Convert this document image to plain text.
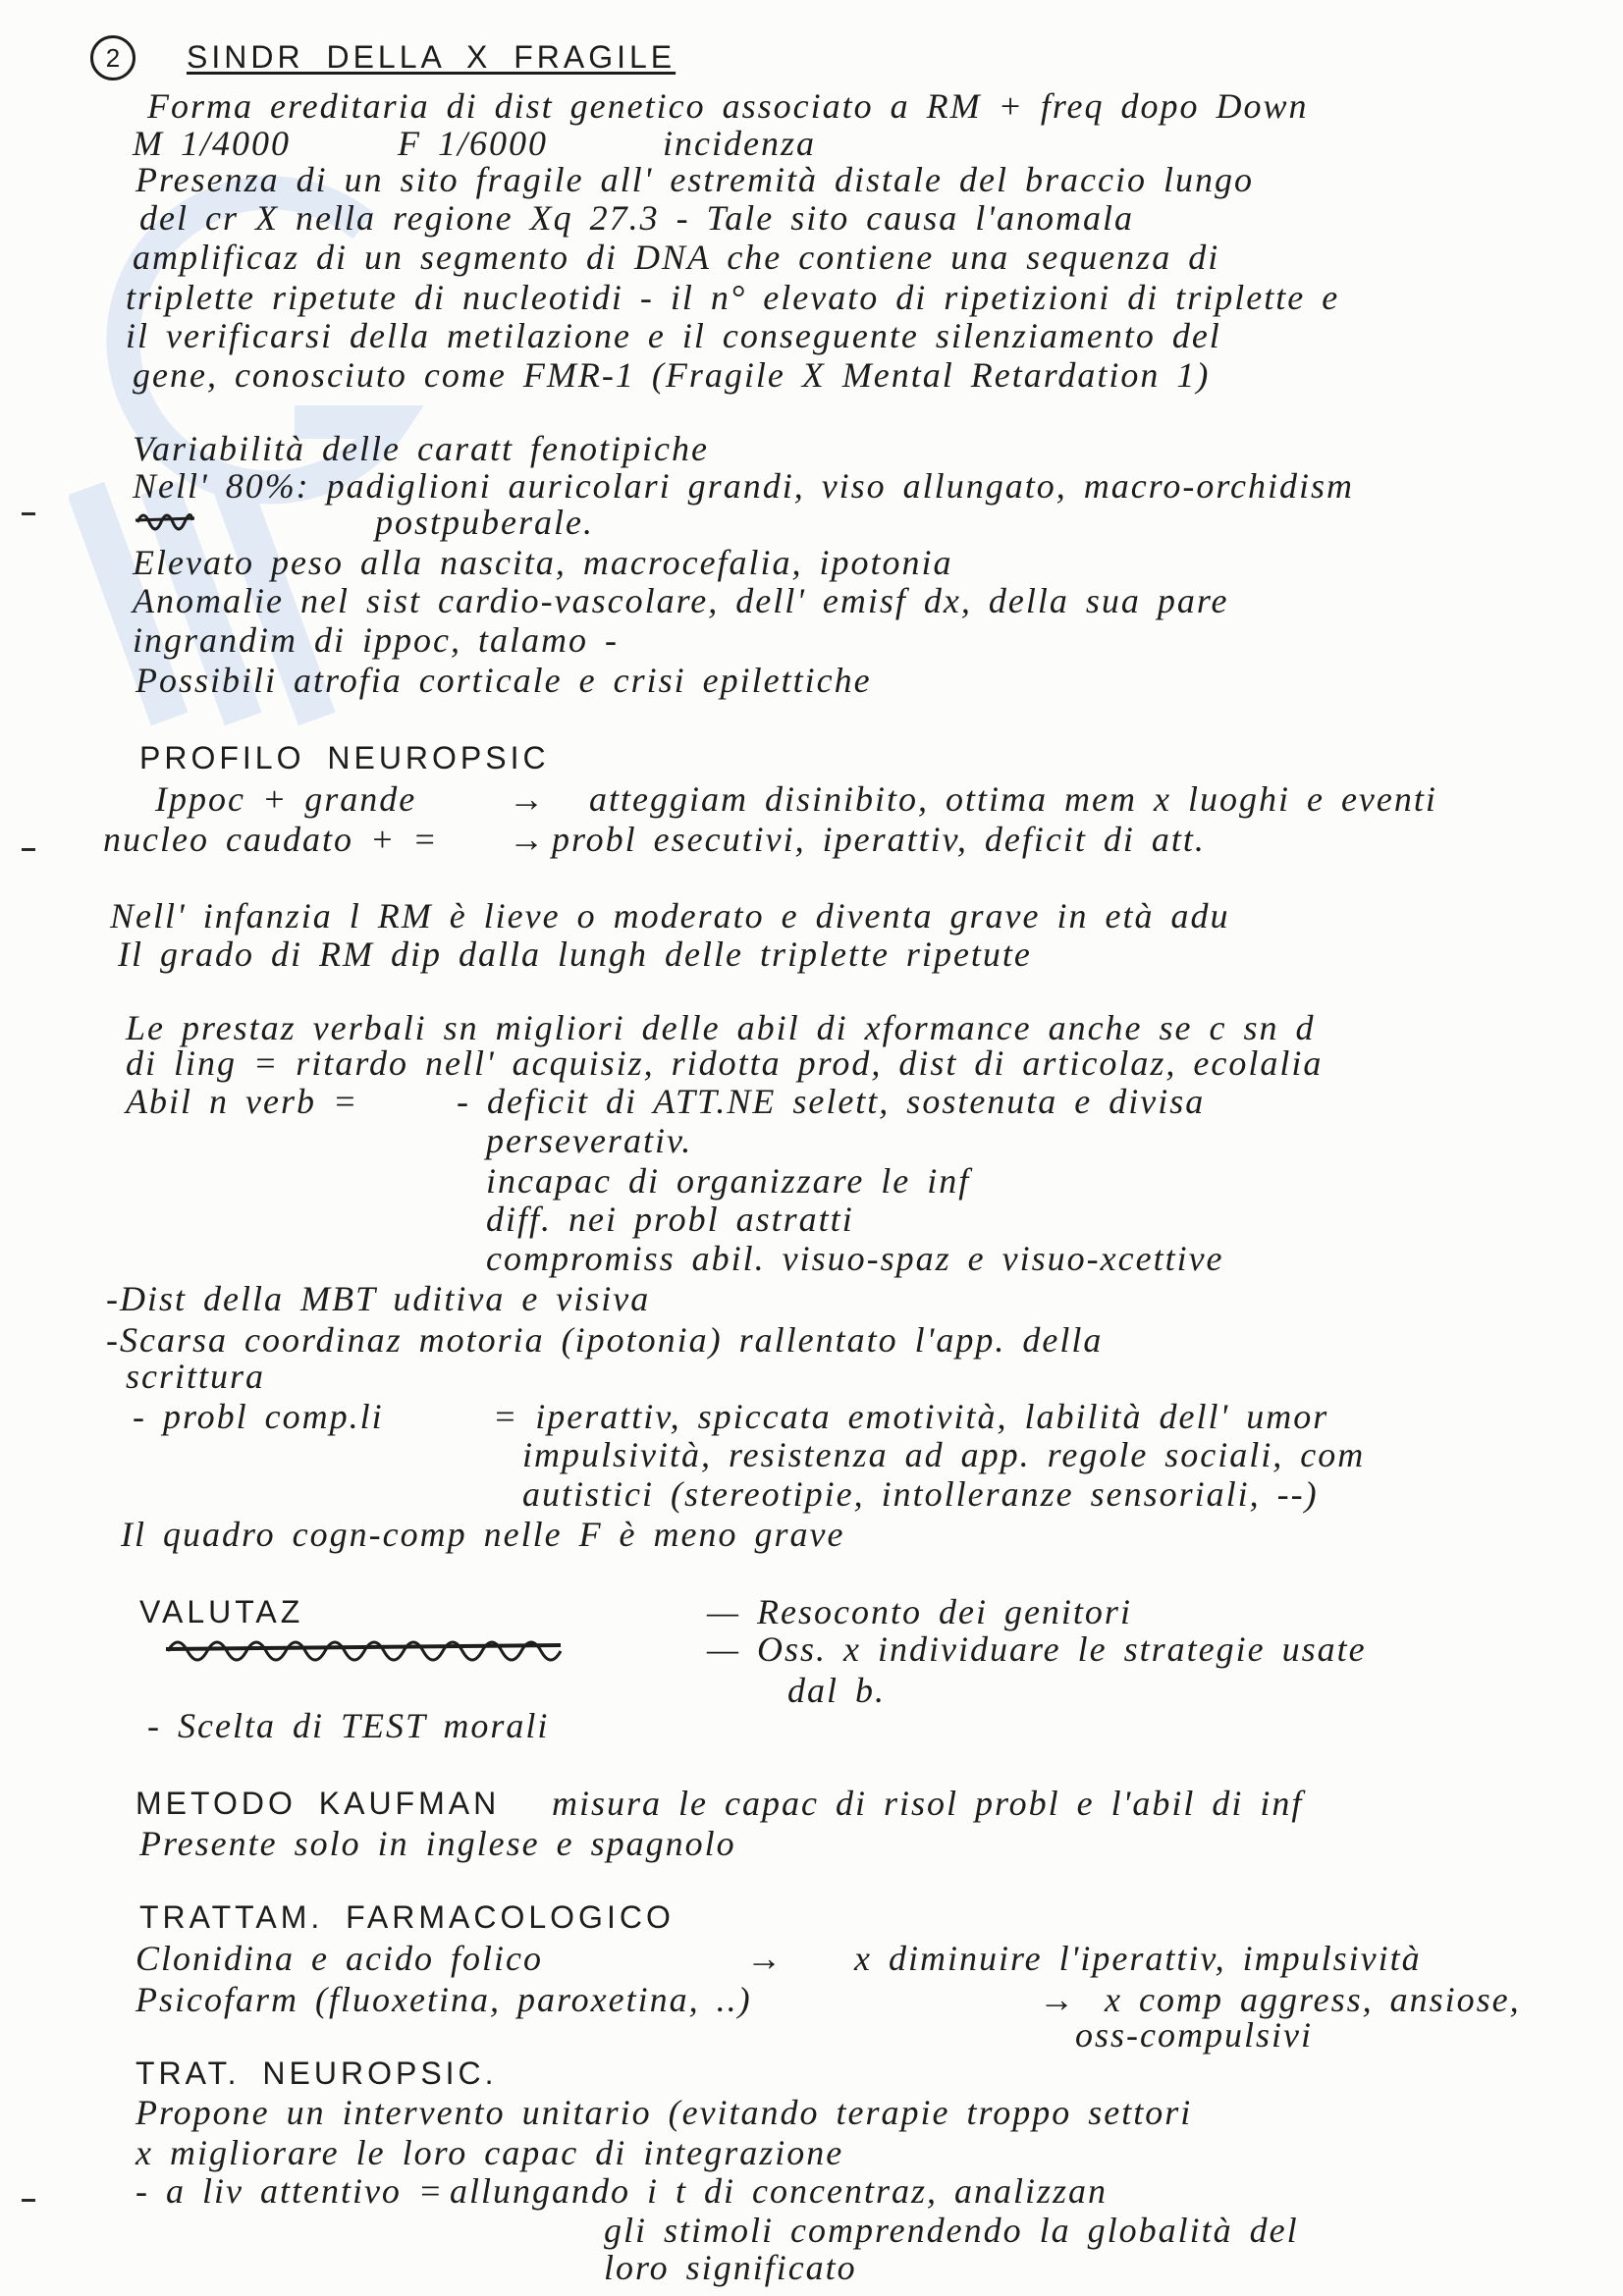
2	SINDR DELLA X FRAGILE
Forma ereditaria di dist genetico associato a RM + freq dopo Down
M 1/4000	F 1/6000	incidenza
Presenza di un sito fragile all' estremità distale del braccio lungo
del cr X nella regione Xq 27.3 - Tale sito causa l'anomala
amplificaz di un segmento di DNA che contiene una sequenza di
triplette ripetute di nucleotidi - il n° elevato di ripetizioni di triplette e
il verificarsi della metilazione e il conseguente silenziamento del
gene, conosciuto come FMR-1 (Fragile X Mental Retardation 1)
Variabilità delle caratt fenotipiche
Nell' 80%: padiglioni auricolari grandi, viso allungato, macro-orchidism
postpuberale.
Elevato peso alla nascita, macrocefalia, ipotonia
Anomalie nel sist cardio-vascolare, dell' emisf dx, della sua pare
ingrandim di ippoc, talamo -
Possibili atrofia corticale e crisi epilettiche
PROFILO NEUROPSIC
Ippoc + grande	→ atteggiam disinibito, ottima mem x luoghi e eventi
nucleo caudato + = → probl esecutivi, iperattiv, deficit di att.
Nell' infanzia l RM è lieve o moderato e diventa grave in età adu
Il grado di RM dip dalla lungh delle triplette ripetute
Le prestaz verbali sn migliori delle abil di xformance anche se c sn d
di ling = ritardo nell' acquisiz, ridotta prod, dist di articolaz, ecolalia
Abil n verb =	- deficit di ATT.NE selett, sostenuta e divisa
perseverativ.
incapac di organizzare le inf
diff. nei probl astratti
compromiss abil. visuo-spaz e visuo-xcettive
-Dist della MBT uditiva e visiva
-Scarsa coordinaz motoria (ipotonia) rallentato l'app. della
scrittura
- probl comp.li	= iperattiv, spiccata emotività, labilità dell' umor
impulsività, resistenza ad app. regole sociali, com
autistici (stereotipie, intolleranze sensoriali, --)
Il quadro cogn-comp nelle F è meno grave
VALUTAZ	— Resoconto dei genitori
— Oss. x individuare le strategie usate
dal b.
- Scelta di TEST morali
METODO KAUFMAN misura le capac di risol probl e l'abil di inf
Presente solo in inglese e spagnolo
TRATTAM. FARMACOLOGICO
Clonidina e acido folico	→ x diminuire l'iperattiv, impulsività
Psicofarm (fluoxetina, paroxetina, ..)	→ x comp aggress, ansiose,
oss-compulsivi
TRAT. NEUROPSIC.
Propone un intervento unitario (evitando terapie troppo settori
x migliorare le loro capac di integrazione
- a liv attentivo = allungando i t di concentraz, analizzan
gli stimoli comprendendo la globalità del
loro significato
